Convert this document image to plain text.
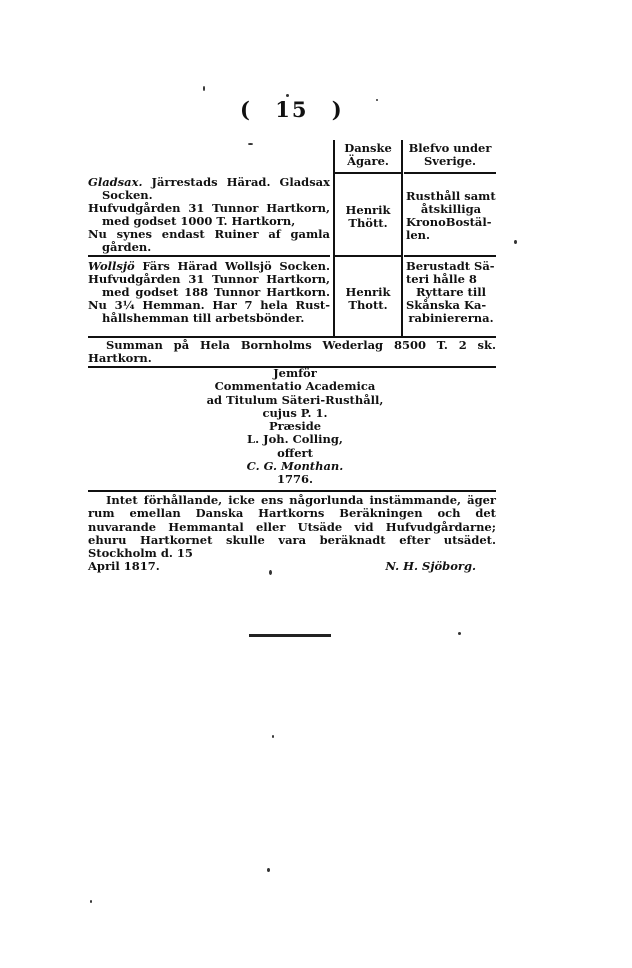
( 15 )
Danske
Ägare.
Blefvo under
Sverige.

Gladsax. Järrestads Härad. Gladsax

Socken.

Hufvudgården 31 Tunnor Hartkorn,

med godset 1000 T. Hartkorn,

Nu synes endast Ruiner af gamla

gården.

Henrik
Thött.
Rusthåll samt
åtskilliga
KronoBostäl-
len.

Wollsjö Färs Härad Wollsjö Socken.

Hufvudgården 31 Tunnor Hartkorn,

med godset 188 Tunnor Hartkorn.

Nu 3¼ Hemman. Har 7 hela Rust-

hållshemman till arbetsbönder.

Henrik
Thott.
Berustadt Sä-
teri hålle 8
Ryttare till
Skånska Ka-
rabiniererna.

Summan på Hela Bornholms Wederlag 8500 T. 2 sk.

Hartkorn.

Jemför
Commentatio Academica
ad Titulum Säteri-Rusthåll,
cujus P. 1.
Præside
L. Joh. Colling,
offert
C. G. Monthan.
1776.
Intet förhållande, icke ens någorlunda instämmande, äger rum emellan Danska Hartkorns Beräkningen och det nuvarande Hemmantal eller Utsäde vid Hufvudgårdarne; ehuru Hartkornet skulle vara beräknadt efter utsädet. Stockholm d. 15
April 1817.	N. H. Sjöborg.
